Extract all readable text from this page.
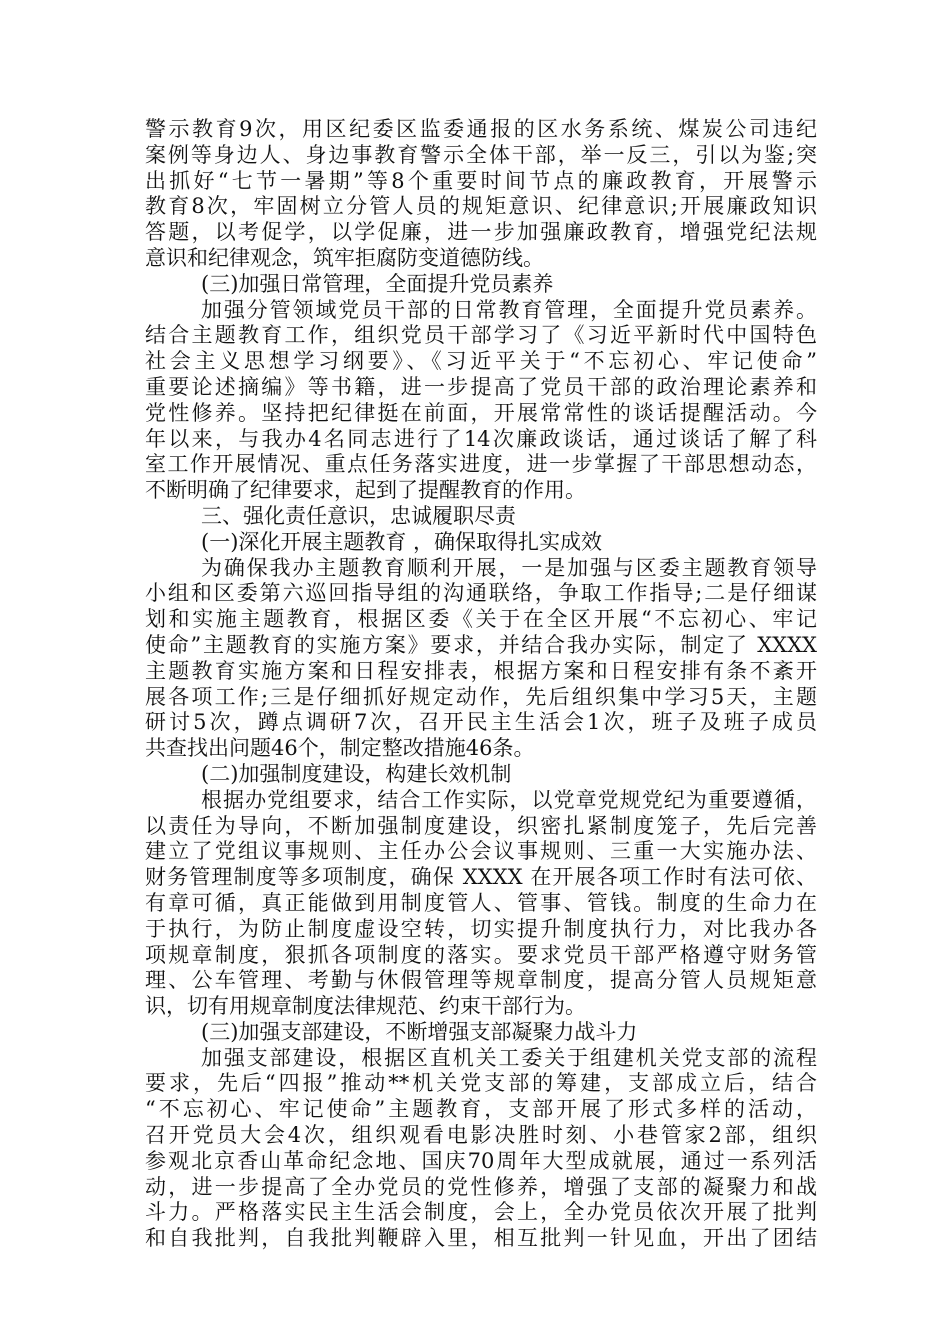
警示教育9次，用区纪委区监委通报的区水务系统、煤炭公司违纪
案例等身边人、身边事教育警示全体干部，举一反三，引以为鉴;突
出抓好“七节一暑期”等8个重要时间节点的廉政教育，开展警示
教育8次，牢固树立分管人员的规矩意识、纪律意识;开展廉政知识
答题，以考促学，以学促廉，进一步加强廉政教育，增强党纪法规
意识和纪律观念，筑牢拒腐防变道德防线。
(三)加强日常管理，全面提升党员素养
加强分管领域党员干部的日常教育管理，全面提升党员素养。
结合主题教育工作，组织党员干部学习了《习近平新时代中国特色
社会主义思想学习纲要》、《习近平关于“不忘初心、牢记使命”
重要论述摘编》等书籍，进一步提高了党员干部的政治理论素养和
党性修养。坚持把纪律挺在前面，开展常常性的谈话提醒活动。今
年以来，与我办4名同志进行了14次廉政谈话，通过谈话了解了科
室工作开展情况、重点任务落实进度，进一步掌握了干部思想动态，
不断明确了纪律要求，起到了提醒教育的作用。
三、强化责任意识，忠诚履职尽责
(一)深化开展主题教育 ，确保取得扎实成效
为确保我办主题教育顺利开展，一是加强与区委主题教育领导
小组和区委第六巡回指导组的沟通联络，争取工作指导;二是仔细谋
划和实施主题教育，根据区委《关于在全区开展“不忘初心、牢记
使命”主题教育的实施方案》要求，并结合我办实际，制定了 XXXX
主题教育实施方案和日程安排表，根据方案和日程安排有条不紊开
展各项工作;三是仔细抓好规定动作，先后组织集中学习5天，主题
研讨5次，蹲点调研7次，召开民主生活会1次，班子及班子成员
共查找出问题46个，制定整改措施46条。
(二)加强制度建设，构建长效机制
根据办党组要求，结合工作实际，以党章党规党纪为重要遵循，
以责任为导向，不断加强制度建设，织密扎紧制度笼子，先后完善
建立了党组议事规则、主任办公会议事规则、三重一大实施办法、
财务管理制度等多项制度，确保 XXXX 在开展各项工作时有法可依、
有章可循，真正能做到用制度管人、管事、管钱。制度的生命力在
于执行，为防止制度虚设空转，切实提升制度执行力，对比我办各
项规章制度，狠抓各项制度的落实。要求党员干部严格遵守财务管
理、公车管理、考勤与休假管理等规章制度，提高分管人员规矩意
识，切有用规章制度法律规范、约束干部行为。
(三)加强支部建设，不断增强支部凝聚力战斗力
加强支部建设，根据区直机关工委关于组建机关党支部的流程
要求，先后“四报”推动**机关党支部的筹建，支部成立后，结合
“不忘初心、牢记使命”主题教育，支部开展了形式多样的活动，
召开党员大会4次，组织观看电影决胜时刻、小巷管家2部，组织
参观北京香山革命纪念地、国庆70周年大型成就展，通过一系列活
动，进一步提高了全办党员的党性修养，增强了支部的凝聚力和战
斗力。严格落实民主生活会制度，会上，全办党员依次开展了批判
和自我批判，自我批判鞭辟入里，相互批判一针见血，开出了团结
